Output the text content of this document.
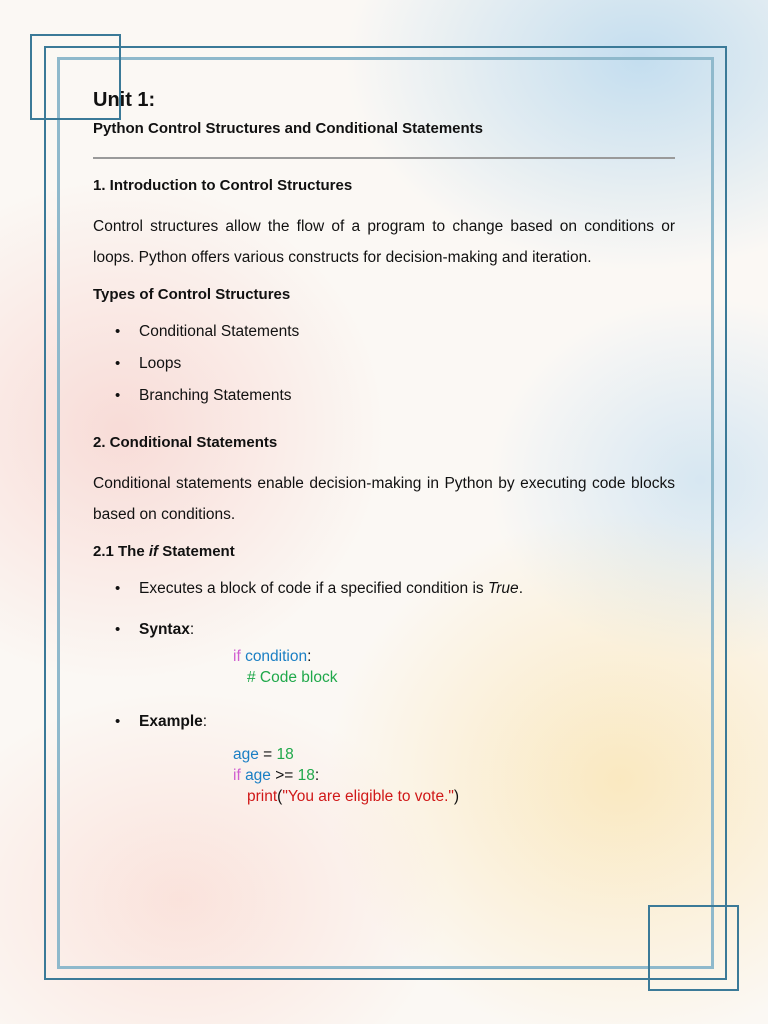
Unit 1:
Python Control Structures and Conditional Statements
1. Introduction to Control Structures

Control structures allow the flow of a program to change based on conditions or loops. Python offers various constructs for decision-making and iteration.

Types of Control Structures
• Conditional Statements
• Loops
• Branching Statements
2. Conditional Statements

Conditional statements enable decision-making in Python by executing code blocks based on conditions.

2.1 The if Statement
• Executes a block of code if a specified condition is True.
• Syntax:
if condition:
# Code block
• Example:
age = 18
if age >= 18:
print("You are eligible to vote.")
